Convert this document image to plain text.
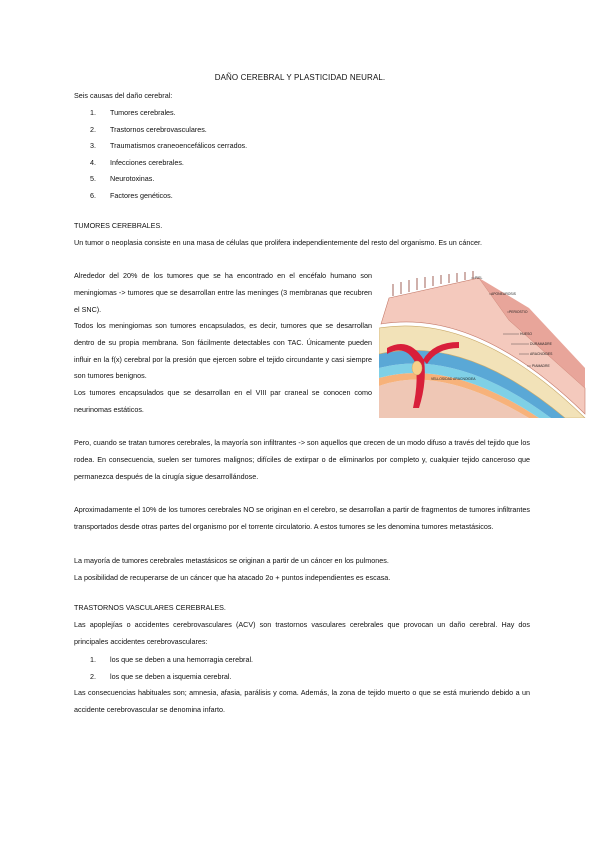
DAÑO CEREBRAL Y PLASTICIDAD NEURAL.

Seis causas del daño cerebral:

1.	Tumores cerebrales.
2.	Trastornos cerebrovasculares.
3.	Traumatismos craneoencefálicos cerrados.
4.	Infecciones cerebrales.
5.	Neurotoxinas.
6.	Factores genéticos.
TUMORES CEREBRALES.

Un tumor o neoplasia consiste en una masa de células que prolifera independientemente del resto del organismo. Es un cáncer.

Alrededor del 20% de los tumores que se ha encontrado en el encéfalo humano son meningiomas -> tumores que se desarrollan entre las meninges (3 membranas que recubren el SNC).

Todos los meningiomas son tumores encapsulados, es decir, tumores que se desarrollan dentro de su propia membrana. Son fácilmente detectables con TAC. Únicamente pueden influir en la f(x) cerebral por la presión que ejercen sobre el tejido circundante y casi siempre son tumores benignos.

Los tumores encapsulados que se desarrollan en el VIII par craneal se conocen como neurinomas estáticos.

PIEL
APONEUROSIS
PERIOSTIO
HUESO
DURAMADRE
ARACNOIDES
PIAMADRE
VELLOSIDAD ARACNOIDEA

Pero, cuando se tratan tumores cerebrales, la mayoría son infiltrantes -> son aquellos que crecen de un modo difuso a través del tejido que los rodea. En consecuencia, suelen ser tumores malignos; difíciles de extirpar o de eliminarlos por completo y, cualquier tejido canceroso que permanezca después de la cirugía sigue desarrollándose.

Aproximadamente el 10% de los tumores cerebrales NO se originan en el cerebro, se desarrollan a partir de fragmentos de tumores infiltrantes transportados desde otras partes del organismo por el torrente circulatorio. A estos tumores se les denomina tumores metastásicos.

La mayoría de tumores cerebrales metastásicos se originan a partir de un cáncer en los pulmones.

La posibilidad de recuperarse de un cáncer que ha atacado 2o + puntos independientes es escasa.

TRASTORNOS VASCULARES CEREBRALES.

Las apoplejías o accidentes cerebrovasculares (ACV) son trastornos vasculares cerebrales que provocan un daño cerebral. Hay dos principales accidentes cerebrovasculares:

1.	los que se deben a una hemorragia cerebral.
2.	los que se deben a isquemia cerebral.

Las consecuencias habituales son; amnesia, afasia, parálisis y coma. Además, la zona de tejido muerto o que se está muriendo debido a un accidente cerebrovascular se denomina infarto.
